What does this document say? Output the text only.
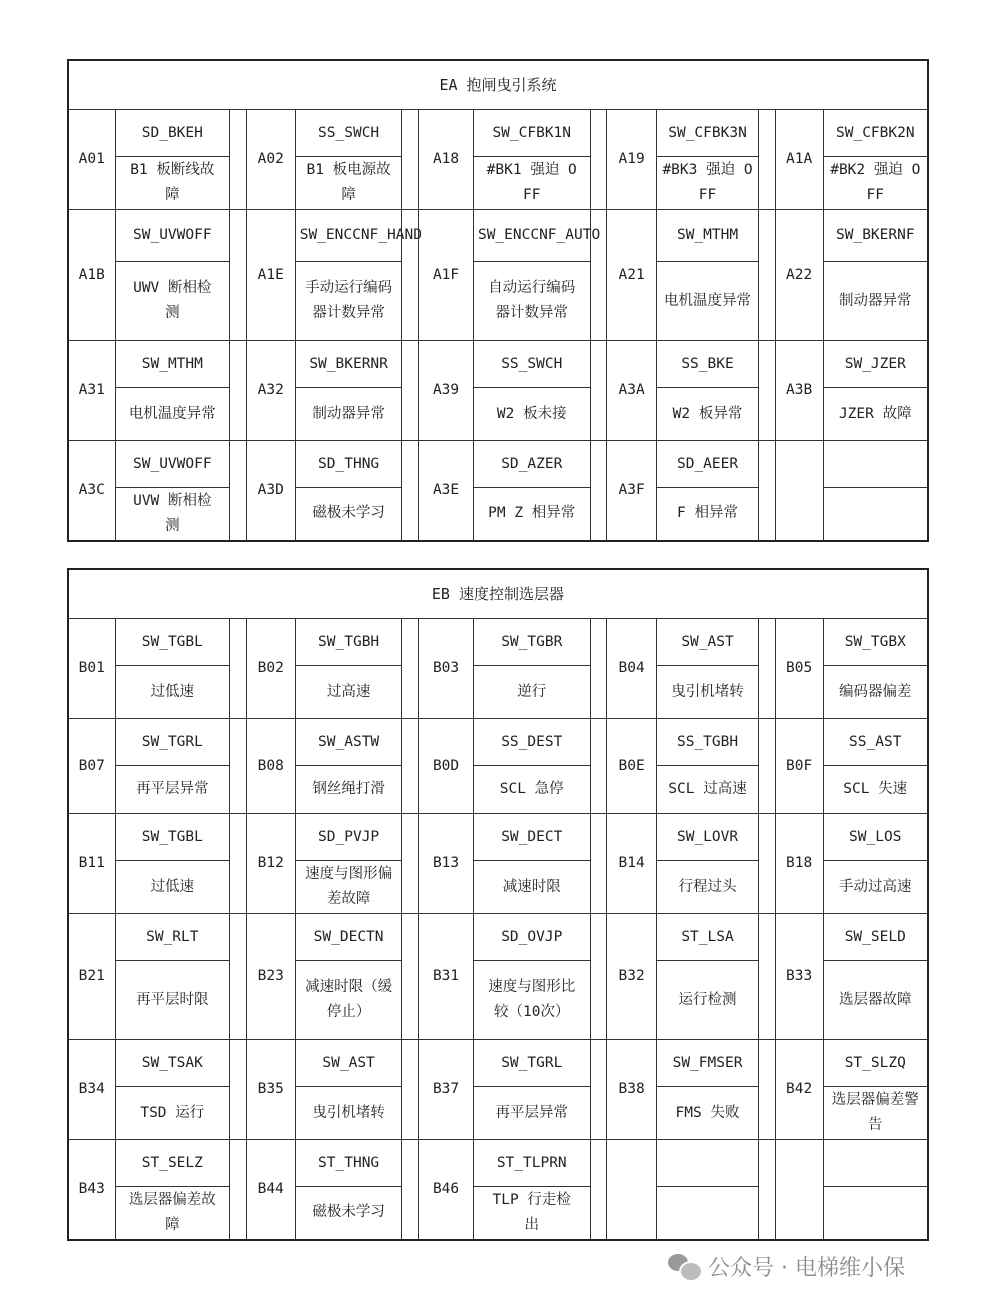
EA 抱闸曳引系统													
A01	SD_BKEH		A02	SS_SWCH		A18	SW_CFBK1N		A19	SW_CFBK3N		A1A	SW_CFBK2N

	B1 板断线故障			B1 板电源故障			#BK1 强迫 OFF			#BK3 强迫 OFF			#BK2 强迫 OFF

A1B	SW_UVWOFF		A1E	SW_ENCCNF_HAND		A1F	SW_ENCCNF_AUTO		A21	SW_MTHM		A22	SW_BKERNF

	UWV 断相检测			手动运行编码器计数异常			自动运行编码器计数异常			电机温度异常			制动器异常

A31	SW_MTHM		A32	SW_BKERNR		A39	SS_SWCH		A3A	SS_BKE		A3B	SW_JZER

	电机温度异常			制动器异常			W2 板未接			W2 板异常			JZER 故障

A3C	SW_UVWOFF		A3D	SD_THNG		A3E	SD_AZER		A3F	SD_AEER			

	UVW 断相检测			磁极未学习			PM Z 相异常			F 相异常			

EB 速度控制选层器													
B01	SW_TGBL		B02	SW_TGBH		B03	SW_TGBR		B04	SW_AST		B05	SW_TGBX

	过低速			过高速			逆行			曳引机堵转			编码器偏差

B07	SW_TGRL		B08	SW_ASTW		B0D	SS_DEST		B0E	SS_TGBH		B0F	SS_AST

	再平层异常			钢丝绳打滑			SCL 急停			SCL 过高速			SCL 失速

B11	SW_TGBL		B12	SD_PVJP		B13	SW_DECT		B14	SW_LOVR		B18	SW_LOS

	过低速			速度与图形偏差故障			减速时限			行程过头			手动过高速

B21	SW_RLT		B23	SW_DECTN		B31	SD_OVJP		B32	ST_LSA		B33	SW_SELD

	再平层时限			减速时限（缓停止）			速度与图形比较（10次）			运行检测			选层器故障

B34	SW_TSAK		B35	SW_AST		B37	SW_TGRL		B38	SW_FMSER		B42	ST_SLZQ

	TSD 运行			曳引机堵转			再平层异常			FMS 失败			选层器偏差警告

B43	ST_SELZ		B44	ST_THNG		B46	ST_TLPRN						

	选层器偏差故障			磁极未学习			TLP 行走检出						

公众号 · 电梯维小保
